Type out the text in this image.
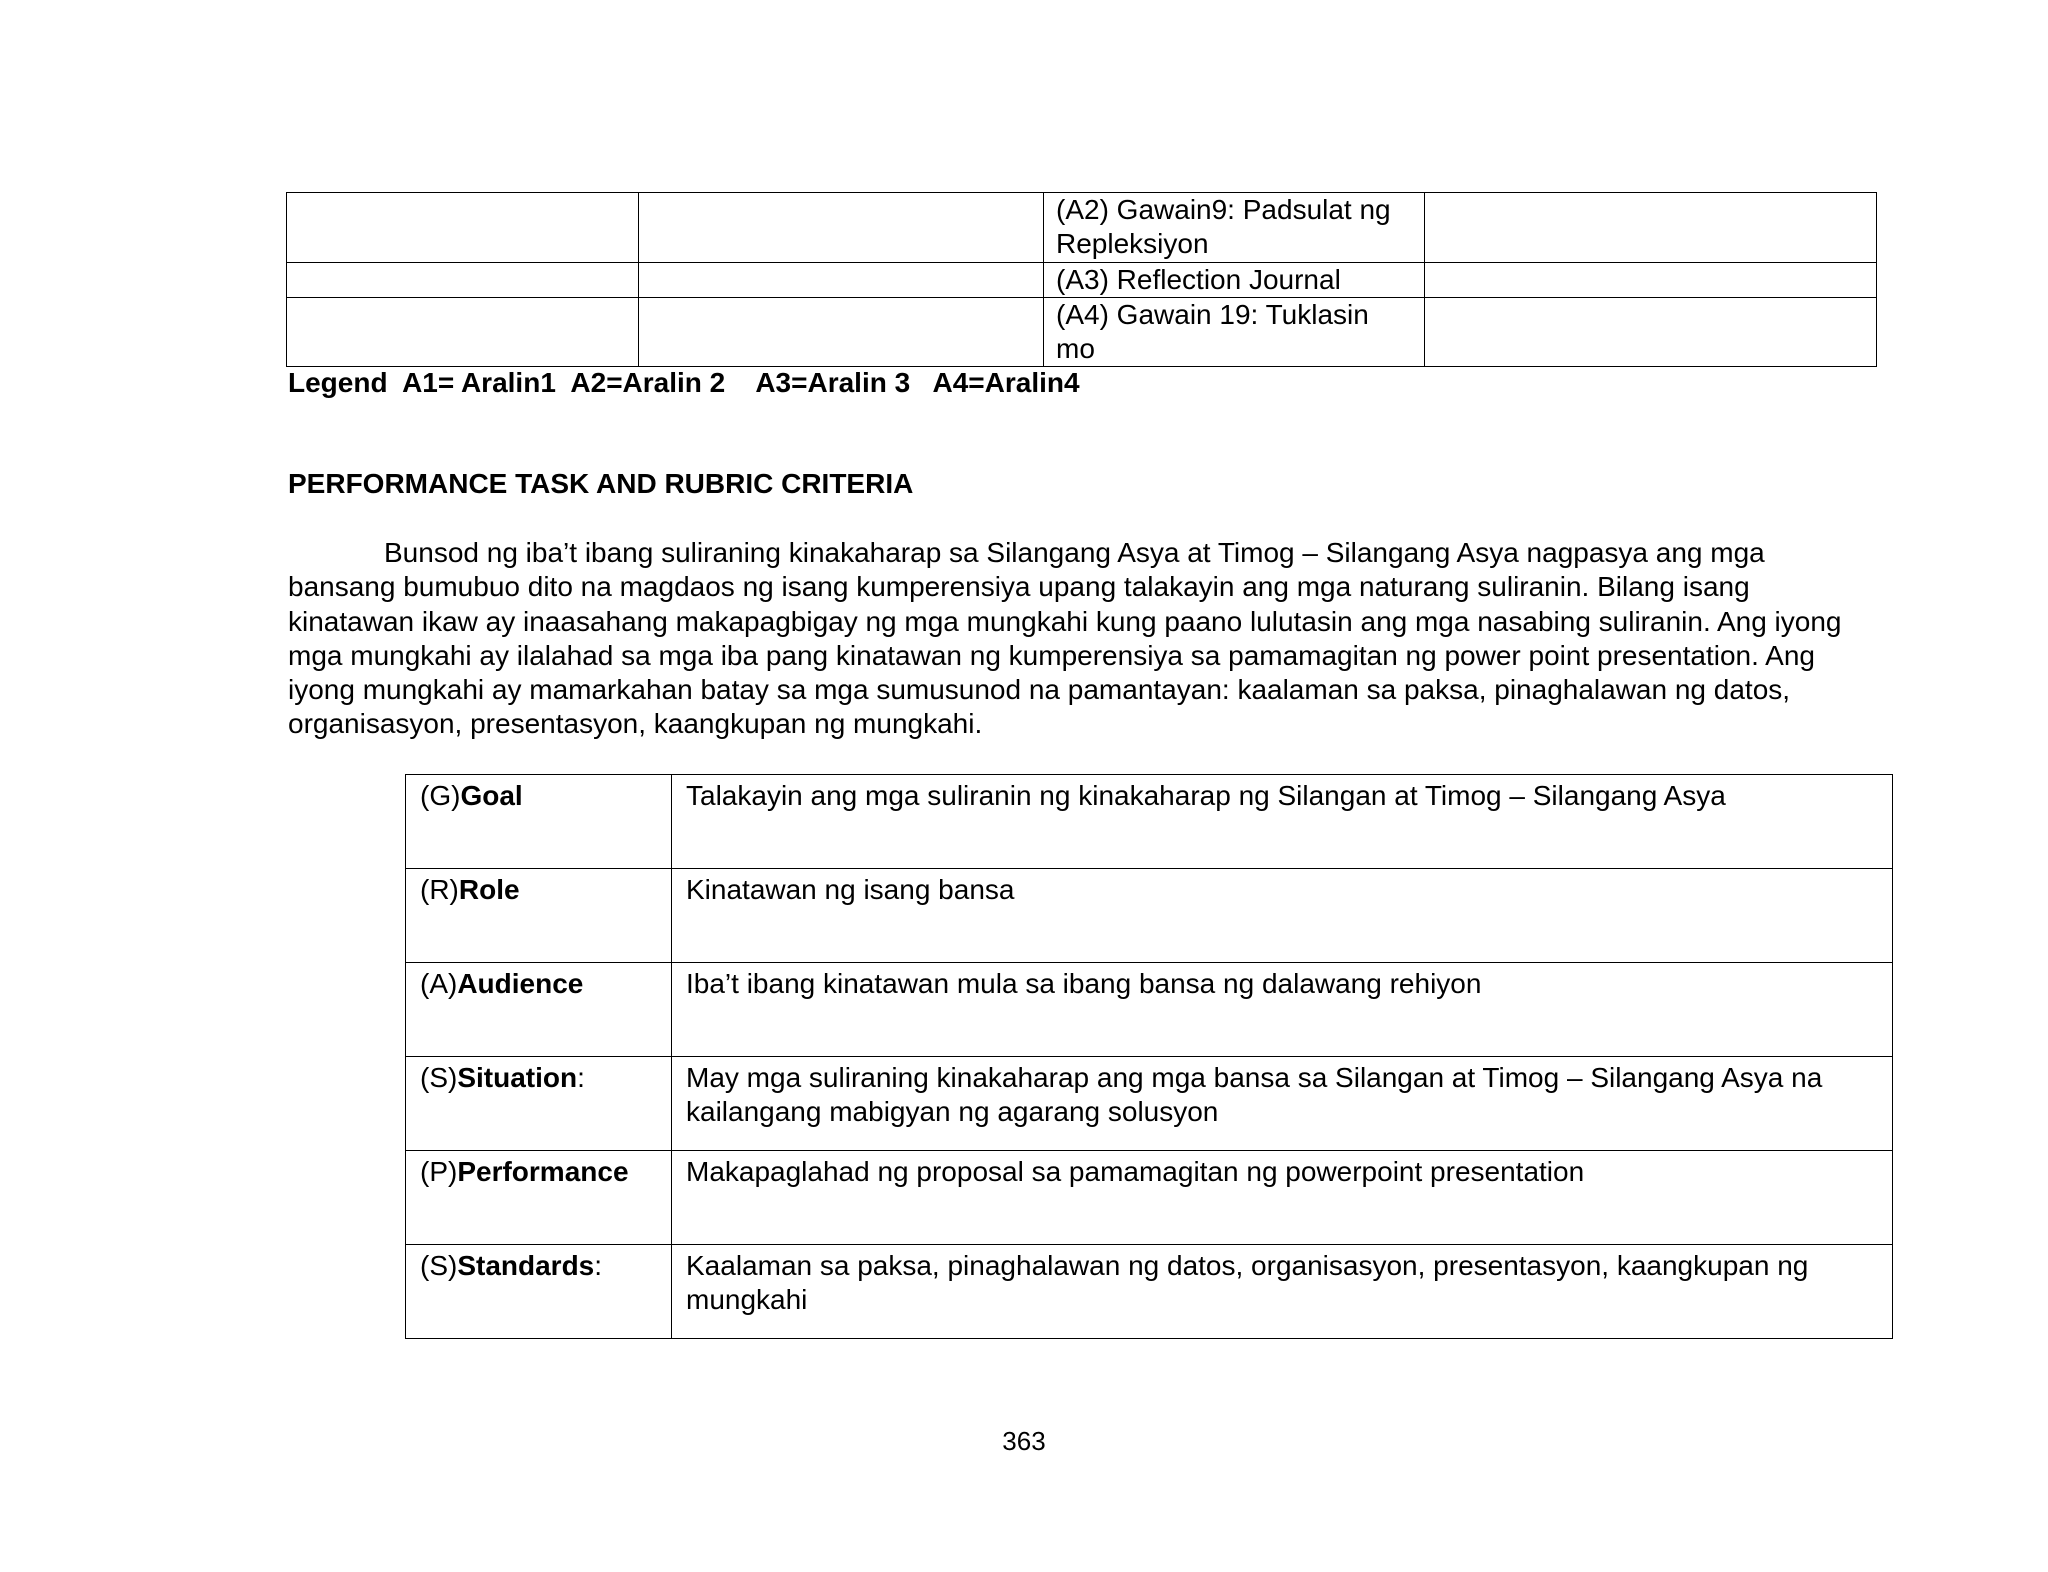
		(A2) Gawain9: Padsulat ng Repleksiyon	
		(A3) Reflection Journal	
		(A4) Gawain 19: Tuklasin mo	
Legend  A1= Aralin1  A2=Aralin 2    A3=Aralin 3   A4=Aralin4
PERFORMANCE TASK AND RUBRIC CRITERIA

Bunsod ng iba’t ibang suliraning kinakaharap sa Silangang Asya at Timog – Silangang Asya nagpasya ang mga bansang bumubuo dito na magdaos ng isang kumperensiya upang talakayin ang mga naturang suliranin. Bilang isang kinatawan ikaw ay inaasahang makapagbigay ng mga mungkahi kung paano lulutasin ang mga nasabing suliranin. Ang iyong mga mungkahi ay ilalahad sa mga iba pang kinatawan ng kumperensiya sa pamamagitan ng power point presentation. Ang iyong mungkahi ay mamarkahan batay sa mga sumusunod na pamantayan: kaalaman sa paksa, pinaghalawan ng datos, organisasyon, presentasyon, kaangkupan ng mungkahi.

(G)Goal	Talakayin ang mga suliranin ng kinakaharap ng Silangan at Timog – Silangang Asya
(R)Role	Kinatawan ng isang bansa
(A)Audience	Iba’t ibang kinatawan mula sa ibang bansa ng dalawang rehiyon
(S)Situation:	May mga suliraning kinakaharap ang mga bansa sa Silangan at Timog – Silangang Asya na kailangang mabigyan ng agarang solusyon
(P)Performance	Makapaglahad ng proposal sa pamamagitan ng powerpoint presentation
(S)Standards:	Kaalaman sa paksa, pinaghalawan ng datos, organisasyon, presentasyon, kaangkupan ng mungkahi
363
